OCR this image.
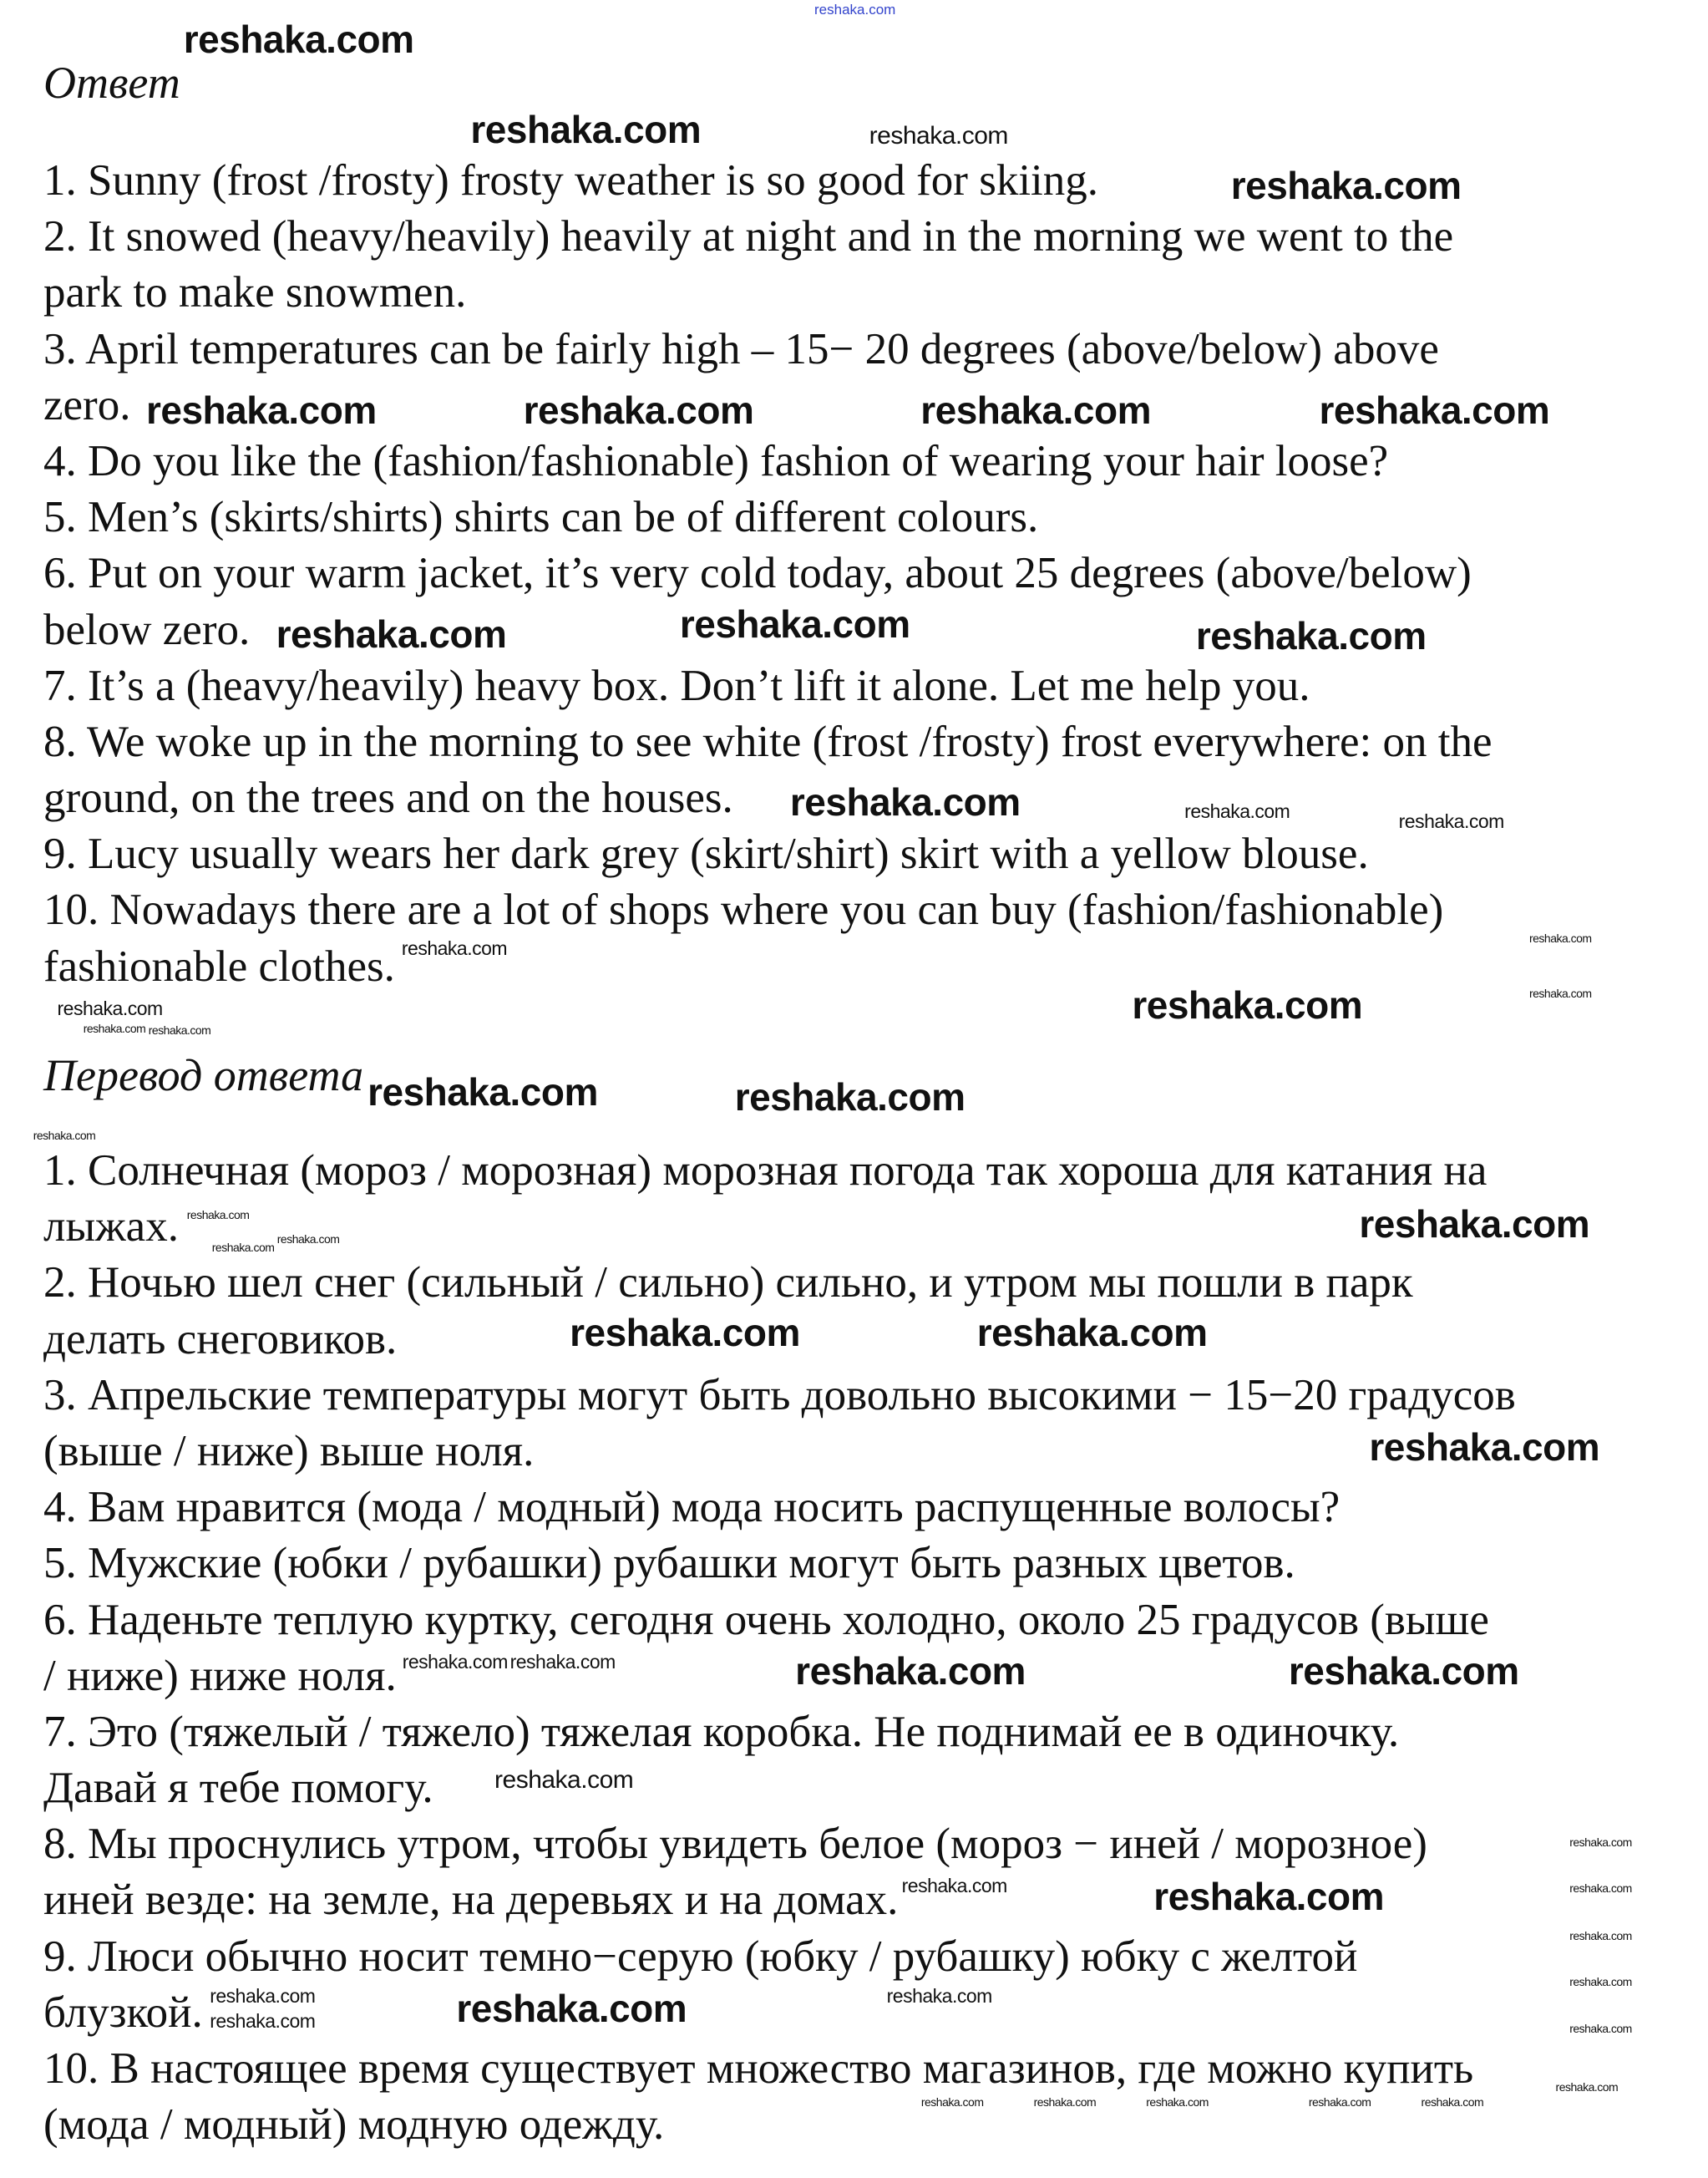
reshaka.com
Ответ
1. Sunny (frost /frosty) frosty weather is so good for skiing.
2. It snowed (heavy/heavily) heavily at night and in the morning we went to the
park to make snowmen.
3. April temperatures can be fairly high – 15− 20 degrees (above/below) above
zero.
4. Do you like the (fashion/fashionable) fashion of wearing your hair loose?
5. Men’s (skirts/shirts) shirts can be of different colours.
6. Put on your warm jacket, it’s very cold today, about 25 degrees (above/below)
below zero.
7. It’s a (heavy/heavily) heavy box. Don’t lift it alone. Let me help you.
8. We woke up in the morning to see white (frost /frosty) frost everywhere: on the
ground, on the trees and on the houses.
9. Lucy usually wears her dark grey (skirt/shirt) skirt with a yellow blouse.
10. Nowadays there are a lot of shops where you can buy (fashion/fashionable)
fashionable clothes.
Перевод ответа
1. Солнечная (мороз / морозная) морозная погода так хороша для катания на
лыжах.
2. Ночью шел снег (сильный / сильно) сильно, и утром мы пошли в парк
делать снеговиков.
3. Апрельские температуры могут быть довольно высокими − 15−20 градусов
(выше / ниже) выше ноля.
4. Вам нравится (мода / модный) мода носить распущенные волосы?
5. Мужские (юбки / рубашки) рубашки могут быть разных цветов.
6. Наденьте теплую куртку, сегодня очень холодно, около 25 градусов (выше
/ ниже) ниже ноля.
7. Это (тяжелый / тяжело) тяжелая коробка. Не поднимай ее в одиночку.
Давай я тебе помогу.
8. Мы проснулись утром, чтобы увидеть белое (мороз − иней / морозное)
иней везде: на земле, на деревьях и на домах.
9. Люси обычно носит темно−серую (юбку / рубашку) юбку с желтой
блузкой.
10. В настоящее время существует множество магазинов, где можно купить
(мода / модный) модную одежду.
reshaka.com
reshaka.com
reshaka.com
reshaka.com	reshaka.com	reshaka.com	reshaka.com
reshaka.com
reshaka.com	reshaka.com
reshaka.com
reshaka.com
reshaka.com	reshaka.com
reshaka.com
reshaka.com	reshaka.com
reshaka.com
reshaka.com	reshaka.com
reshaka.com
reshaka.com
reshaka.com
reshaka.com
reshaka.com
reshaka.com
reshaka.com
reshaka.com
reshaka.com
reshaka.com	reshaka.com
reshaka.com
reshaka.com
reshaka.com
reshaka.com
reshaka.com
reshaka.com reshaka.com
reshaka.com
reshaka.com
reshaka.com
reshaka.com
reshaka.com
reshaka.com
reshaka.com
reshaka.com
reshaka.com
reshaka.com	reshaka.com	reshaka.com	reshaka.com	reshaka.com
reshaka.com
